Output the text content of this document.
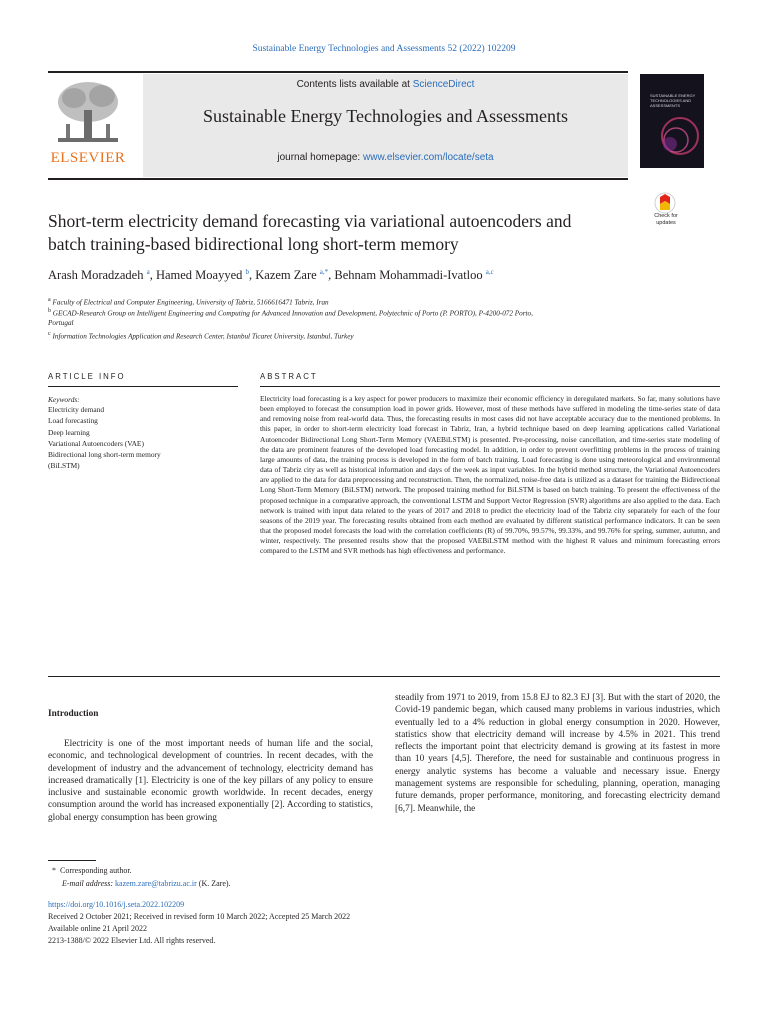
Sustainable Energy Technologies and Assessments 52 (2022) 102209
ELSEVIER
Contents lists available at ScienceDirect
Sustainable Energy Technologies and Assessments
journal homepage: www.elsevier.com/locate/seta
SUSTAINABLE ENERGY TECHNOLOGIES AND ASSESSMENTS
Check for updates
Short-term electricity demand forecasting via variational autoencoders and
batch training-based bidirectional long short-term memory
Arash Moradzadeh $^a$, Hamed Moayyed $^b$, Kazem Zare $^{a,*}$, Behnam Mohammadi-Ivatloo $^{a,c}$
$^a$ Faculty of Electrical and Computer Engineering, University of Tabriz, 5166616471 Tabriz, Iran
$^b$ GECAD-Research Group on Intelligent Engineering and Computing for Advanced Innovation and Development, Polytechnic of Porto (P. PORTO), P-4200-072 Porto,
Portugal
$^c$ Information Technologies Application and Research Center, Istanbul Ticaret University, Istanbul, Turkey
ARTICLE INFO
Keywords:
Electricity demand
Load forecasting
Deep learning
Variational Autoencoders (VAE)
Bidirectional long short-term memory
(BiLSTM)
ABSTRACT
Electricity load forecasting is a key aspect for power producers to maximize their economic efficiency in deregulated markets. So far, many solutions have been employed to forecast the consumption load in power grids. However, most of these methods have suffered in modeling the time-series state of data and removing noise from real-world data. Thus, the forecasting results in most cases did not have acceptable accuracy due to the mentioned problems. In this paper, in order to short-term electricity load forecast in Tabriz, Iran, a hybrid technique based on deep learning applications called Variational Autoencoder Bidirectional Long Short-Term Memory (VAEBiLSTM) is presented. Pre-processing, noise cancellation, and time-series state modeling of the data are prominent features of the developed load forecasting model. In addition, in order to prevent overfitting problems in the process of training large amounts of data, the training process is developed in the form of batch training. Load forecasting is done using meteorological and environmental data of Tabriz city as well as historical information and days of the week as input variables. In the hybrid method structure, the Variational Autoencoders are applied to the data for data preprocessing and reconstruction. Then, the normalized, noise-free data is utilized as a dataset for training the Bidirectional Long Short-Term Memory (BiLSTM) network. The proposed training method for BiLSTM is based on batch training. To present the effectiveness of the proposed technique in a comparative approach, the conventional LSTM and Support Vector Regression (SVR) algorithms are also applied to the data. Each network is trained with input data related to the years of 2017 and 2018 to predict the electricity load of the Tabriz city separately for each of the four seasons of the 2019 year. The forecasting results obtained from each method are evaluated by different statistical performance indicators. It can be seen that the proposed model forecasts the load with the correlation coefficients (R) of 99.70%, 99.57%, 99.33%, and 99.76% for spring, summer, autumn, and winter, respectively. The presented results show that the proposed VAEBiLSTM method with the highest R values and minimum forecasting errors compared to the LSTM and SVR methods has high effectiveness and performance.
Introduction
Electricity is one of the most important needs of human life and the social, economic, and technological development of countries. In recent decades, with the development of industry and the advancement of technology, electricity demand has increased dramatically [1]. Electricity is one of the key pillars of any policy to ensure inclusive and sustainable economic growth worldwide. In recent decades, energy consumption around the world has increased exponentially [2]. According to statistics, global energy consumption has been growing
steadily from 1971 to 2019, from 15.8 EJ to 82.3 EJ [3]. But with the start of 2020, the Covid-19 pandemic began, which caused many problems in various industries, which eventually led to a 4% reduction in global energy consumption in 2020. However, statistics show that electricity demand will increase by 4.5% in 2021. This trend reflects the important point that electricity demand is growing at its fastest in more than 10 years [4,5]. Therefore, the need for sustainable and continuous progress in energy analytic systems has become a valuable and necessary issue. Energy management systems are responsible for scheduling, planning, operation, managing future demands, proper performance, monitoring, and forecasting electricity demand [6,7]. Meanwhile, the
*  Corresponding author.
E-mail address: kazem.zare@tabrizu.ac.ir (K. Zare).
https://doi.org/10.1016/j.seta.2022.102209
Received 2 October 2021; Received in revised form 10 March 2022; Accepted 25 March 2022
Available online 21 April 2022
2213-1388/© 2022 Elsevier Ltd. All rights reserved.
